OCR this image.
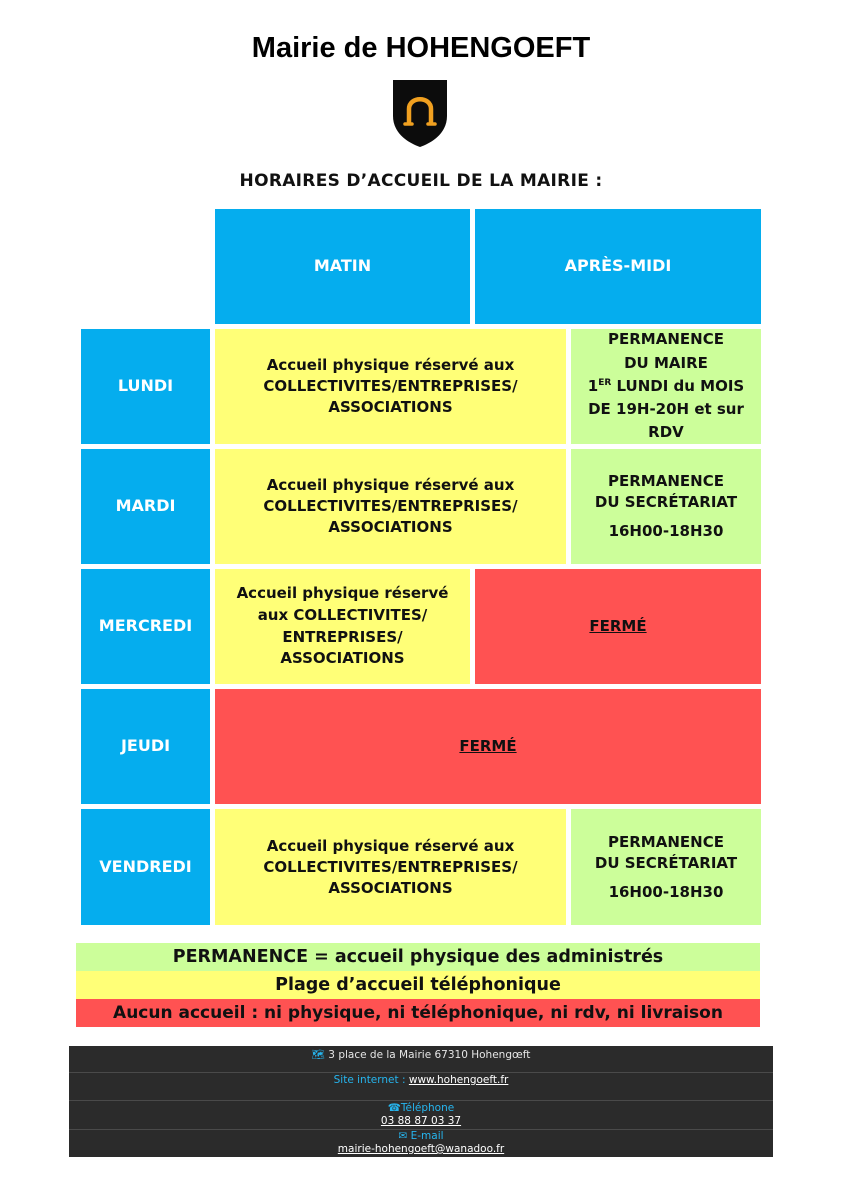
Mairie de HOHENGOEFT
HORAIRES D’ACCUEIL DE LA MAIRIE :
MATIN	APRÈS-MIDI
LUNDI
Accueil physique réservé aux
COLLECTIVITES/ENTREPRISES/
ASSOCIATIONS
PERMANENCE
DU MAIRE
1ER LUNDI du MOIS
DE 19H-20H et sur
RDV
MARDI
Accueil physique réservé aux
COLLECTIVITES/ENTREPRISES/
ASSOCIATIONS
PERMANENCE
DU SECRÉTARIAT
16H00-18H30
MERCREDI
Accueil physique réservé
aux COLLECTIVITES/
ENTREPRISES/
ASSOCIATIONS
FERMÉ
JEUDI	FERMÉ
VENDREDI
Accueil physique réservé aux
COLLECTIVITES/ENTREPRISES/
ASSOCIATIONS
PERMANENCE
DU SECRÉTARIAT
16H00-18H30
PERMANENCE = accueil physique des administrés
Plage d’accueil téléphonique
Aucun accueil : ni physique, ni téléphonique, ni rdv, ni livraison
🗺 3 place de la Mairie 67310 Hohengœft
Site internet : www.hohengoeft.fr
☎Téléphone
03 88 87 03 37
✉ E-mail
mairie-hohengoeft@wanadoo.fr
